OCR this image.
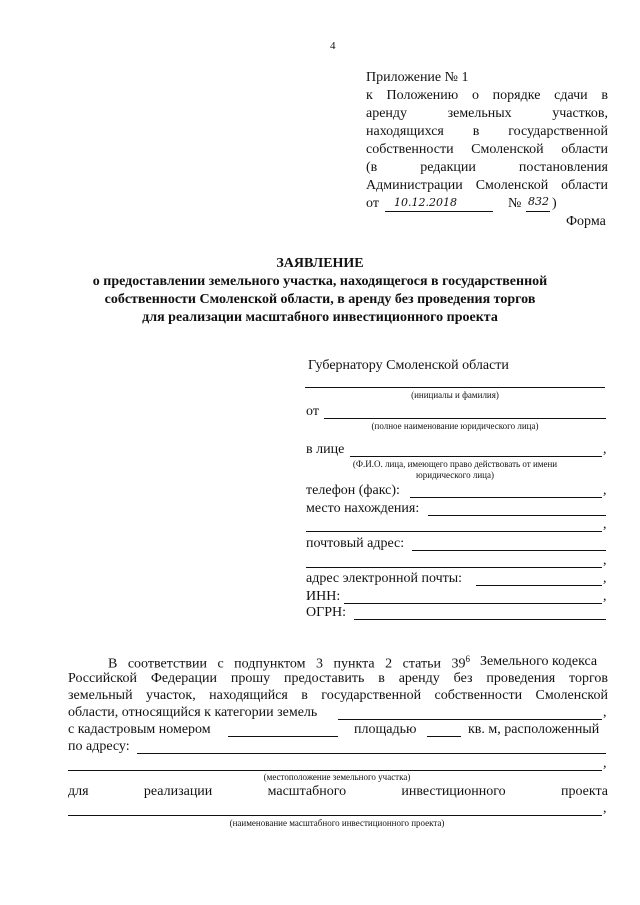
4
Приложение № 1
к Положению о порядке сдачи в
аренду земельных участков,
находящихся в государственной
собственности Смоленской области
(в редакции постановления
Администрации Смоленской области
от 10.12.2018	№ 832 )
Форма
ЗАЯВЛЕНИЕ
о предоставлении земельного участка, находящегося в государственной
собственности Смоленской области, в аренду без проведения торгов
для реализации масштабного инвестиционного проекта
Губернатору Смоленской области
(инициалы и фамилия)
от
(полное наименование юридического лица)
в лице	,
(Ф.И.О. лица, имеющего право действовать от имени
юридического лица)
телефон (факс):	,
место нахождения:
,
почтовый адрес:
,
адрес электронной почты:	,
ИНН:	,
ОГРН:
В соответствии с подпунктом 3 пункта 2 статьи $39^6$ Земельного кодекса
Российской Федерации прошу предоставить в аренду без проведения торгов
земельный участок, находящийся в государственной собственности Смоленской
области, относящийся к категории земель	,
с кадастровым номером	площадью	кв. м, расположенный
по адресу:
,
(местоположение земельного участка)
для	реализации	масштабного	инвестиционного	проекта
,
(наименование масштабного инвестиционного проекта)
